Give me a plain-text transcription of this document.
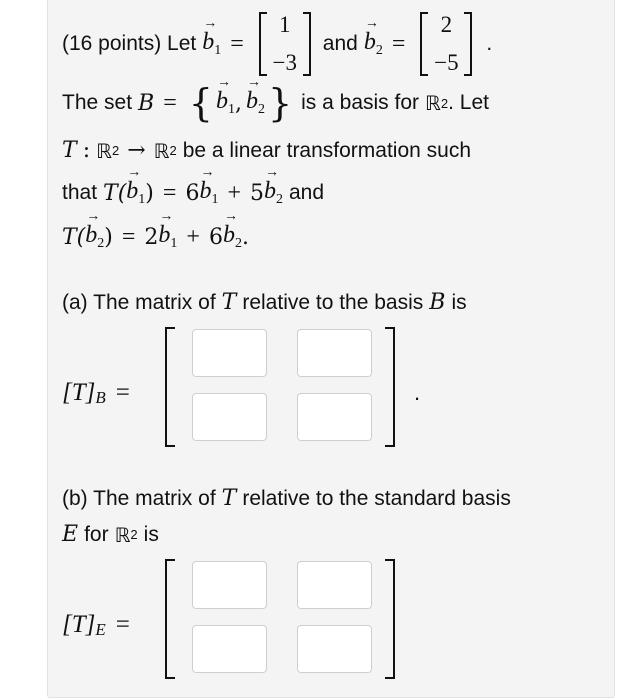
(16 points) Let $b_1$ → =
1
−3
and $b_2$ → =
2
−5
.
The set B = { $b_1$ → , $b_2$ → } is a basis for ℝ 2 . Let
T : ℝ 2 → ℝ 2 be a linear transformation such
that T( $b_1$ → ) = 6 $b_1$ → + 5 $b_2$ → and
T( $b_2$ → ) = 2 $b_1$ → + 6 $b_2$ → .
(a) The matrix of T relative to the basis B is
[T] B =	.
(b) The matrix of T relative to the standard basis
E for ℝ 2 is
[T] E =
